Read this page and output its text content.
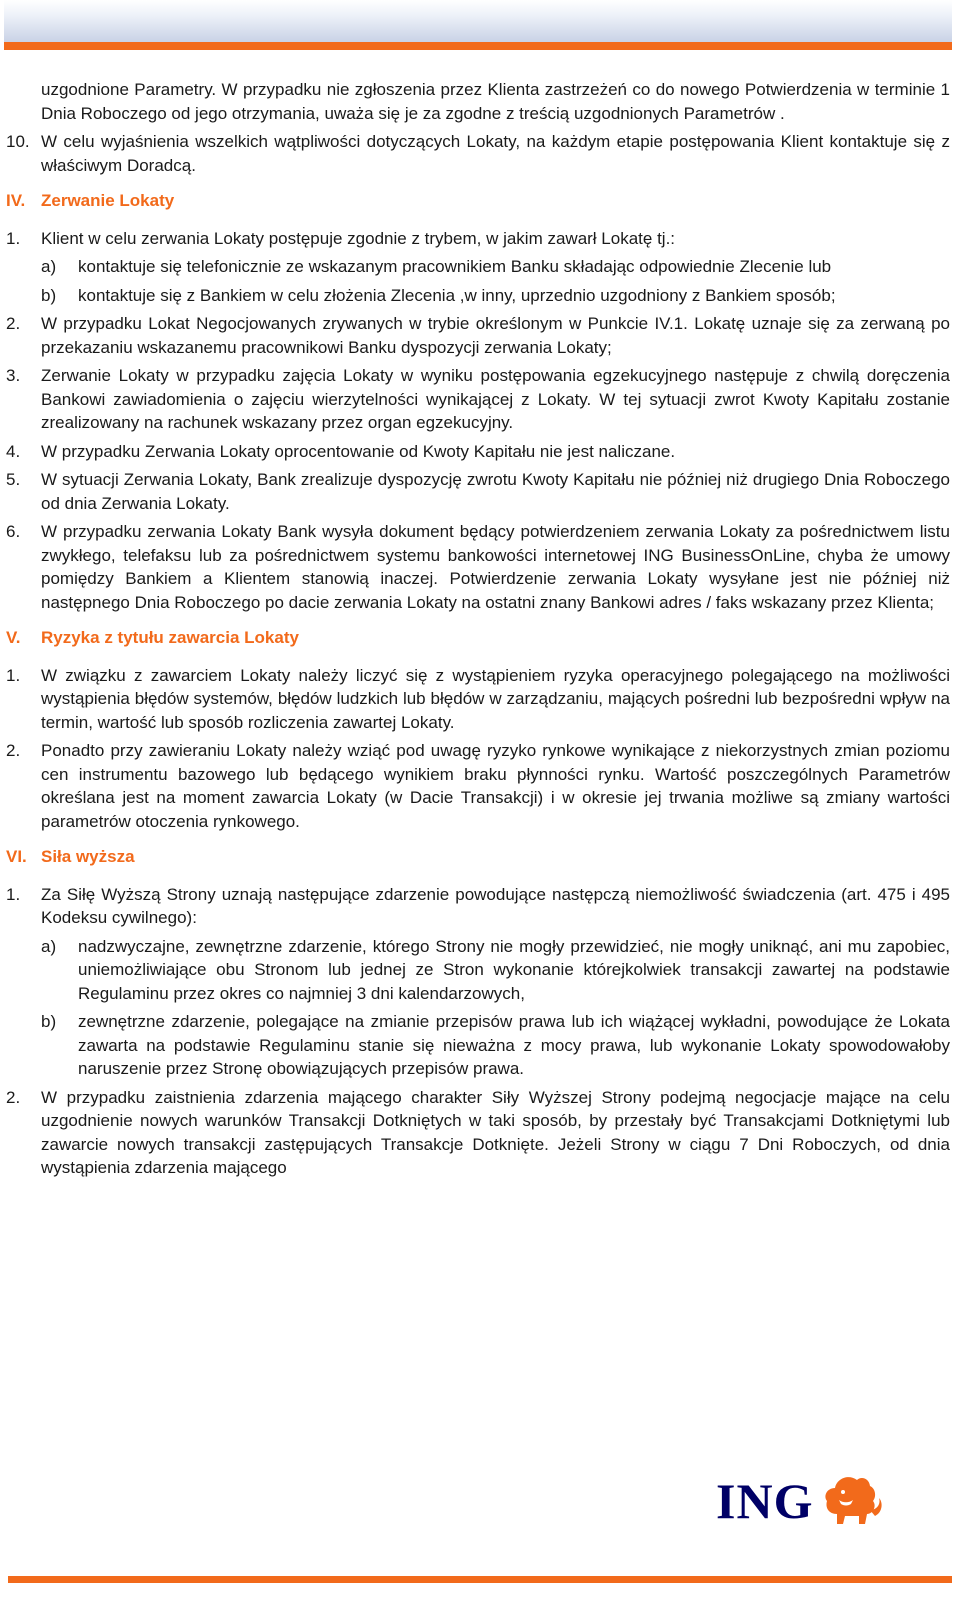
uzgodnione Parametry. W przypadku nie zgłoszenia przez Klienta zastrzeżeń co do nowego Potwierdzenia w terminie 1 Dnia Roboczego od jego otrzymania, uważa się je za zgodne z treścią uzgodnionych Parametrów .
10. W celu wyjaśnienia wszelkich wątpliwości dotyczących Lokaty, na każdym etapie postępowania Klient kontaktuje się z właściwym Doradcą.
IV. Zerwanie Lokaty
1.	Klient w celu zerwania Lokaty postępuje zgodnie z trybem, w jakim zawarł Lokatę tj.:
a)	kontaktuje się telefonicznie ze wskazanym pracownikiem Banku składając odpowiednie Zlecenie lub
b)	kontaktuje się z Bankiem w celu złożenia Zlecenia ,w inny, uprzednio uzgodniony z Bankiem sposób;
2.	W przypadku Lokat Negocjowanych zrywanych w trybie określonym w Punkcie IV.1. Lokatę uznaje się za zerwaną po przekazaniu wskazanemu pracownikowi Banku dyspozycji zerwania Lokaty;
3.	Zerwanie Lokaty w przypadku zajęcia Lokaty w wyniku postępowania egzekucyjnego następuje z chwilą doręczenia Bankowi zawiadomienia o zajęciu wierzytelności wynikającej z Lokaty. W tej sytuacji zwrot Kwoty Kapitału zostanie zrealizowany na rachunek wskazany przez organ egzekucyjny.
4.	W przypadku Zerwania Lokaty oprocentowanie od Kwoty Kapitału nie jest naliczane.
5.	W sytuacji Zerwania Lokaty, Bank zrealizuje dyspozycję zwrotu Kwoty Kapitału nie później niż drugiego Dnia Roboczego od dnia Zerwania Lokaty.
6.	W przypadku zerwania Lokaty Bank wysyła dokument będący potwierdzeniem zerwania Lokaty za pośrednictwem listu zwykłego, telefaksu lub za pośrednictwem systemu bankowości internetowej ING BusinessOnLine, chyba że umowy pomiędzy Bankiem a Klientem stanowią inaczej. Potwierdzenie zerwania Lokaty wysyłane jest nie później niż następnego Dnia Roboczego po dacie zerwania Lokaty na ostatni znany Bankowi adres / faks wskazany przez Klienta;
V.	Ryzyka z tytułu zawarcia Lokaty
1.	W związku z zawarciem Lokaty należy liczyć się z wystąpieniem ryzyka operacyjnego polegającego na możliwości wystąpienia błędów systemów, błędów ludzkich lub błędów w zarządzaniu, mających pośredni lub bezpośredni wpływ na termin, wartość lub sposób rozliczenia zawartej Lokaty.
2.	Ponadto przy zawieraniu Lokaty należy wziąć pod uwagę ryzyko rynkowe wynikające z niekorzystnych zmian poziomu cen instrumentu bazowego lub będącego wynikiem braku płynności rynku. Wartość poszczególnych Parametrów określana jest na moment zawarcia Lokaty (w Dacie Transakcji) i w okresie jej trwania możliwe są zmiany wartości parametrów otoczenia rynkowego.
VI. Siła wyższa
1.	Za Siłę Wyższą Strony uznają następujące zdarzenie powodujące następczą niemożliwość świadczenia (art. 475 i 495 Kodeksu cywilnego):
a)	nadzwyczajne, zewnętrzne zdarzenie, którego Strony nie mogły przewidzieć, nie mogły uniknąć, ani mu zapobiec, uniemożliwiające obu Stronom lub jednej ze Stron wykonanie którejkolwiek transakcji zawartej na podstawie Regulaminu przez okres co najmniej 3 dni kalendarzowych,
b)	zewnętrzne zdarzenie, polegające na zmianie przepisów prawa lub ich wiążącej wykładni, powodujące że Lokata zawarta na podstawie Regulaminu stanie się nieważna z mocy prawa, lub wykonanie Lokaty spowodowałoby naruszenie przez Stronę obowiązujących przepisów prawa.
2.	W przypadku zaistnienia zdarzenia mającego charakter Siły Wyższej Strony podejmą negocjacje mające na celu uzgodnienie nowych warunków Transakcji Dotkniętych w taki sposób, by przestały być Transakcjami Dotkniętymi lub zawarcie nowych transakcji zastępujących Transakcje Dotknięte. Jeżeli Strony w ciągu 7 Dni Roboczych, od dnia wystąpienia zdarzenia mającego
ING
